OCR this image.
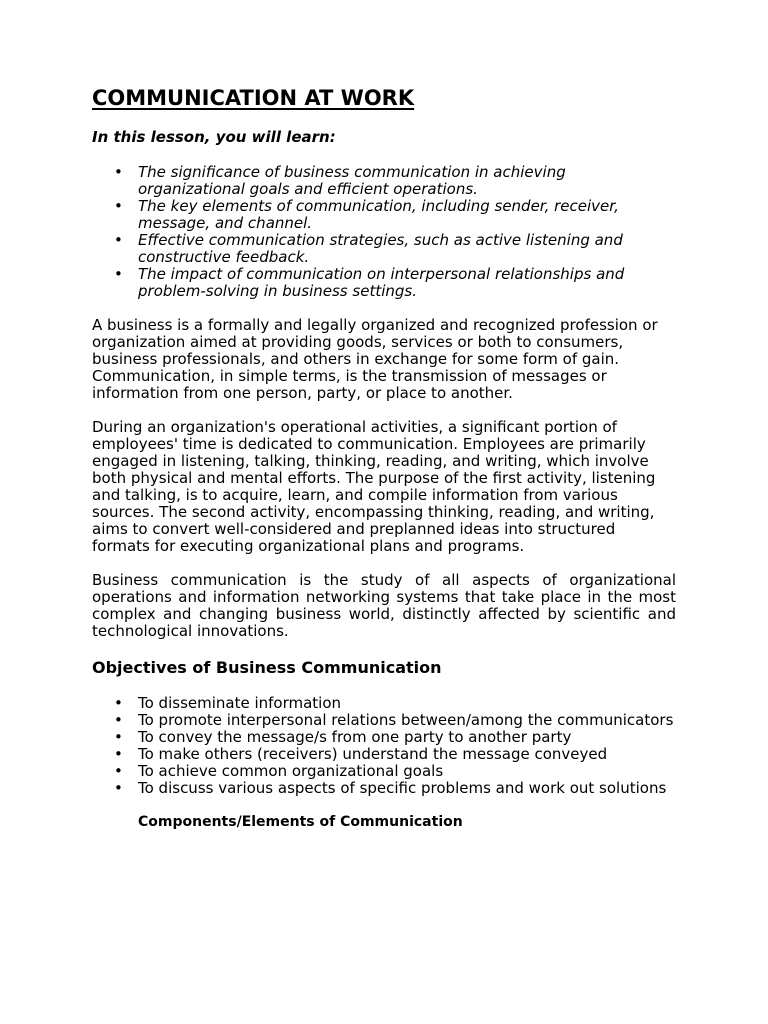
COMMUNICATION AT WORK

In this lesson, you will learn:

• The significance of business communication in achieving organizational goals and efficient operations.
• The key elements of communication, including sender, receiver, message, and channel.
• Effective communication strategies, such as active listening and constructive feedback.
• The impact of communication on interpersonal relationships and problem-solving in business settings.

A business is a formally and legally organized and recognized profession or organization aimed at providing goods, services or both to consumers, business professionals, and others in exchange for some form of gain. Communication, in simple terms, is the transmission of messages or information from one person, party, or place to another.

During an organization's operational activities, a significant portion of employees' time is dedicated to communication. Employees are primarily engaged in listening, talking, thinking, reading, and writing, which involve both physical and mental efforts. The purpose of the first activity, listening and talking, is to acquire, learn, and compile information from various sources. The second activity, encompassing thinking, reading, and writing, aims to convert well-considered and preplanned ideas into structured formats for executing organizational plans and programs.

Business communication is the study of all aspects of organizational operations and information networking systems that take place in the most complex and changing business world, distinctly affected by scientific and technological innovations.

Objectives of Business Communication
• To disseminate information
• To promote interpersonal relations between/among the communicators
• To convey the message/s from one party to another party
• To make others (receivers) understand the message conveyed
• To achieve common organizational goals
• To discuss various aspects of specific problems and work out solutions
Components/Elements of Communication
